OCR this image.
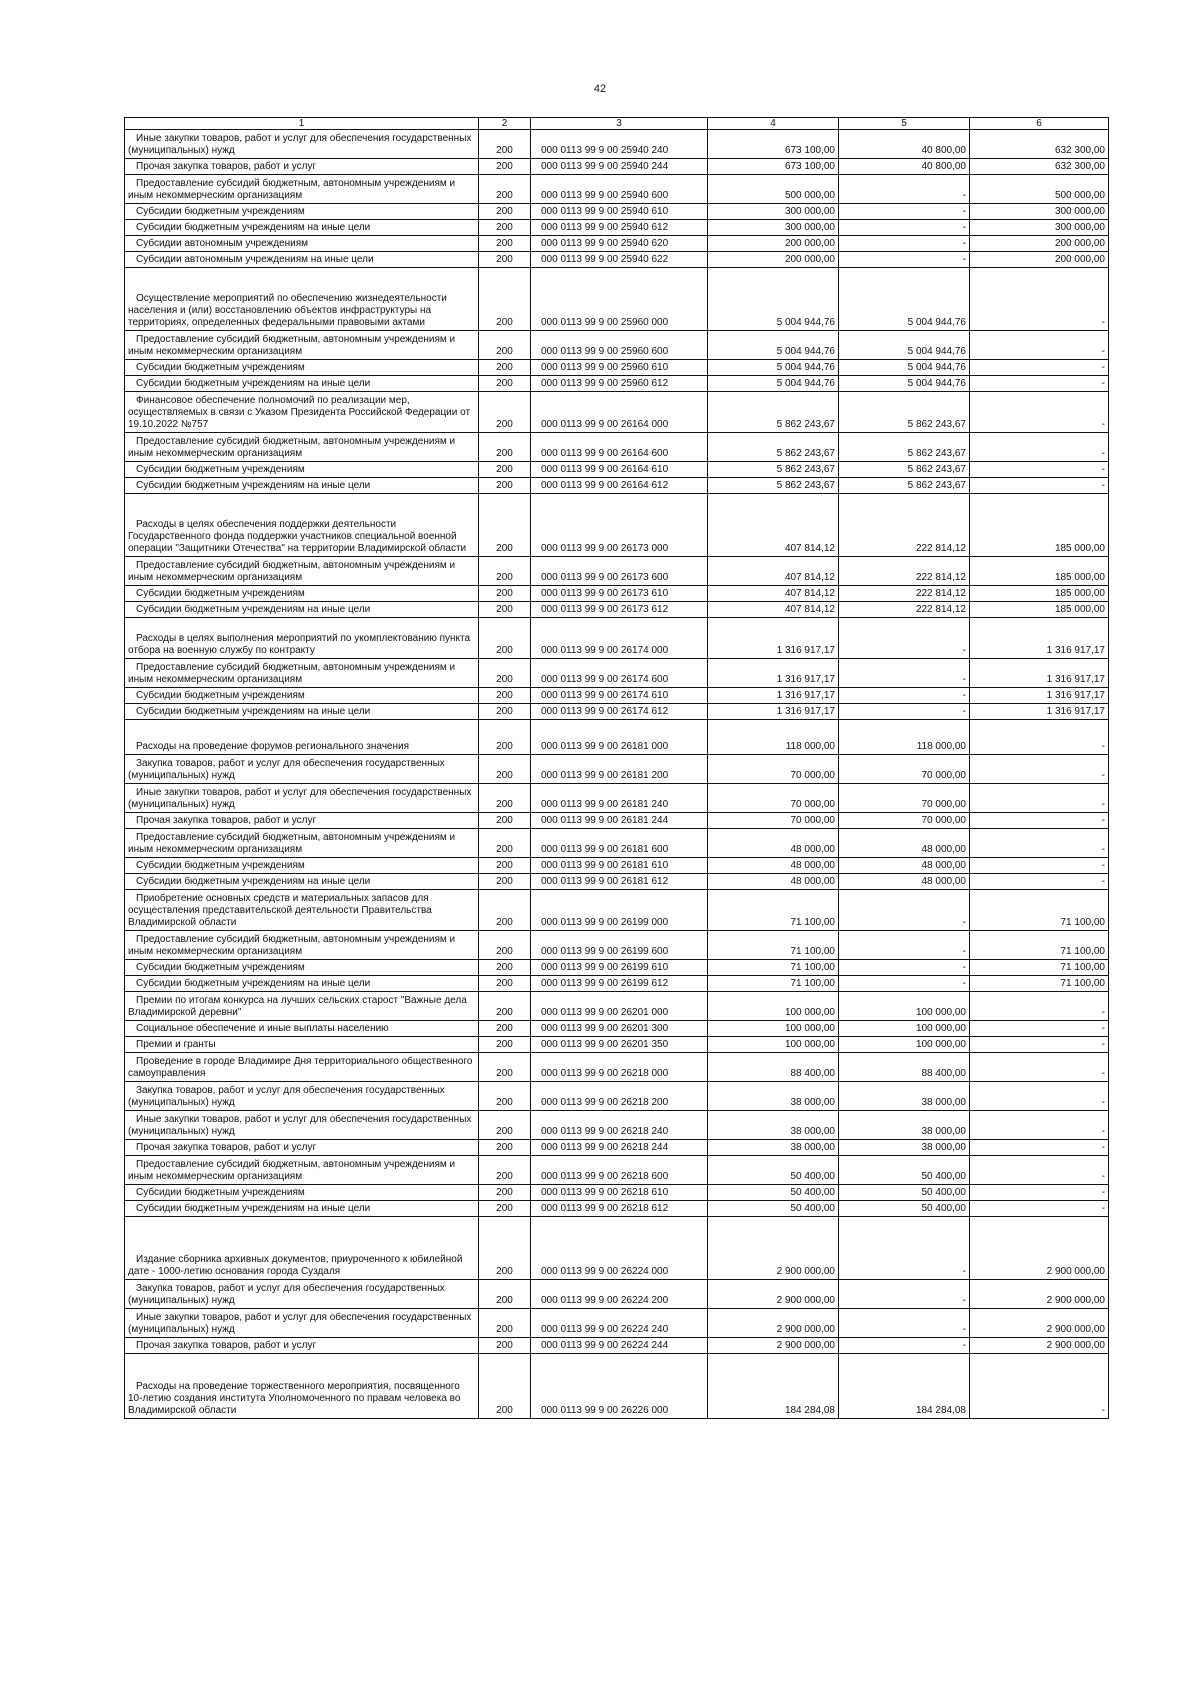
42
1	2	3	4	5	6
Иные закупки товаров, работ и услуг для обеспечения государственных (муниципальных) нужд	200	000 0113 99 9 00 25940 240	673 100,00	40 800,00	632 300,00
Прочая закупка товаров, работ и услуг	200	000 0113 99 9 00 25940 244	673 100,00	40 800,00	632 300,00
Предоставление субсидий бюджетным, автономным учреждениям и иным некоммерческим организациям	200	000 0113 99 9 00 25940 600	500 000,00	-	500 000,00
Субсидии бюджетным учреждениям	200	000 0113 99 9 00 25940 610	300 000,00	-	300 000,00
Субсидии бюджетным учреждениям на иные цели	200	000 0113 99 9 00 25940 612	300 000,00	-	300 000,00
Субсидии автономным учреждениям	200	000 0113 99 9 00 25940 620	200 000,00	-	200 000,00
Субсидии автономным учреждениям на иные цели	200	000 0113 99 9 00 25940 622	200 000,00	-	200 000,00
Осуществление мероприятий по обеспечению жизнедеятельности населения и (или) восстановлению объектов инфраструктуры на территориях, определенных федеральными правовыми актами	200	000 0113 99 9 00 25960 000	5 004 944,76	5 004 944,76	-
Предоставление субсидий бюджетным, автономным учреждениям и иным некоммерческим организациям	200	000 0113 99 9 00 25960 600	5 004 944,76	5 004 944,76	-
Субсидии бюджетным учреждениям	200	000 0113 99 9 00 25960 610	5 004 944,76	5 004 944,76	-
Субсидии бюджетным учреждениям на иные цели	200	000 0113 99 9 00 25960 612	5 004 944,76	5 004 944,76	-
Финансовое обеспечение полномочий по реализации мер, осуществляемых в связи с Указом Президента Российской Федерации от 19.10.2022 №757	200	000 0113 99 9 00 26164 000	5 862 243,67	5 862 243,67	-
Предоставление субсидий бюджетным, автономным учреждениям и иным некоммерческим организациям	200	000 0113 99 9 00 26164 600	5 862 243,67	5 862 243,67	-
Субсидии бюджетным учреждениям	200	000 0113 99 9 00 26164 610	5 862 243,67	5 862 243,67	-
Субсидии бюджетным учреждениям на иные цели	200	000 0113 99 9 00 26164 612	5 862 243,67	5 862 243,67	-
Расходы в целях обеспечения поддержки деятельности Государственного фонда поддержки участников специальной военной операции "Защитники Отечества" на территории Владимирской области	200	000 0113 99 9 00 26173 000	407 814,12	222 814,12	185 000,00
Предоставление субсидий бюджетным, автономным учреждениям и иным некоммерческим организациям	200	000 0113 99 9 00 26173 600	407 814,12	222 814,12	185 000,00
Субсидии бюджетным учреждениям	200	000 0113 99 9 00 26173 610	407 814,12	222 814,12	185 000,00
Субсидии бюджетным учреждениям на иные цели	200	000 0113 99 9 00 26173 612	407 814,12	222 814,12	185 000,00
Расходы в целях выполнения мероприятий по укомплектованию пункта отбора на военную службу по контракту	200	000 0113 99 9 00 26174 000	1 316 917,17	-	1 316 917,17
Предоставление субсидий бюджетным, автономным учреждениям и иным некоммерческим организациям	200	000 0113 99 9 00 26174 600	1 316 917,17	-	1 316 917,17
Субсидии бюджетным учреждениям	200	000 0113 99 9 00 26174 610	1 316 917,17	-	1 316 917,17
Субсидии бюджетным учреждениям на иные цели	200	000 0113 99 9 00 26174 612	1 316 917,17	-	1 316 917,17
Расходы на проведение форумов регионального значения	200	000 0113 99 9 00 26181 000	118 000,00	118 000,00	-
Закупка товаров, работ и услуг для обеспечения государственных (муниципальных) нужд	200	000 0113 99 9 00 26181 200	70 000,00	70 000,00	-
Иные закупки товаров, работ и услуг для обеспечения государственных (муниципальных) нужд	200	000 0113 99 9 00 26181 240	70 000,00	70 000,00	-
Прочая закупка товаров, работ и услуг	200	000 0113 99 9 00 26181 244	70 000,00	70 000,00	-
Предоставление субсидий бюджетным, автономным учреждениям и иным некоммерческим организациям	200	000 0113 99 9 00 26181 600	48 000,00	48 000,00	-
Субсидии бюджетным учреждениям	200	000 0113 99 9 00 26181 610	48 000,00	48 000,00	-
Субсидии бюджетным учреждениям на иные цели	200	000 0113 99 9 00 26181 612	48 000,00	48 000,00	-
Приобретение основных средств и материальных запасов для осуществления представительской деятельности Правительства Владимирской области	200	000 0113 99 9 00 26199 000	71 100,00	-	71 100,00
Предоставление субсидий бюджетным, автономным учреждениям и иным некоммерческим организациям	200	000 0113 99 9 00 26199 600	71 100,00	-	71 100,00
Субсидии бюджетным учреждениям	200	000 0113 99 9 00 26199 610	71 100,00	-	71 100,00
Субсидии бюджетным учреждениям на иные цели	200	000 0113 99 9 00 26199 612	71 100,00	-	71 100,00
Премии по итогам конкурса на лучших сельских старост "Важные дела Владимирской деревни"	200	000 0113 99 9 00 26201 000	100 000,00	100 000,00	-
Социальное обеспечение и иные выплаты населению	200	000 0113 99 9 00 26201 300	100 000,00	100 000,00	-
Премии и гранты	200	000 0113 99 9 00 26201 350	100 000,00	100 000,00	-
Проведение в городе Владимире Дня территориального общественного самоуправления	200	000 0113 99 9 00 26218 000	88 400,00	88 400,00	-
Закупка товаров, работ и услуг для обеспечения государственных (муниципальных) нужд	200	000 0113 99 9 00 26218 200	38 000,00	38 000,00	-
Иные закупки товаров, работ и услуг для обеспечения государственных (муниципальных) нужд	200	000 0113 99 9 00 26218 240	38 000,00	38 000,00	-
Прочая закупка товаров, работ и услуг	200	000 0113 99 9 00 26218 244	38 000,00	38 000,00	-
Предоставление субсидий бюджетным, автономным учреждениям и иным некоммерческим организациям	200	000 0113 99 9 00 26218 600	50 400,00	50 400,00	-
Субсидии бюджетным учреждениям	200	000 0113 99 9 00 26218 610	50 400,00	50 400,00	-
Субсидии бюджетным учреждениям на иные цели	200	000 0113 99 9 00 26218 612	50 400,00	50 400,00	-
Издание сборника архивных документов, приуроченного к юбилейной дате - 1000-летию основания города Суздаля	200	000 0113 99 9 00 26224 000	2 900 000,00	-	2 900 000,00
Закупка товаров, работ и услуг для обеспечения государственных (муниципальных) нужд	200	000 0113 99 9 00 26224 200	2 900 000,00	-	2 900 000,00
Иные закупки товаров, работ и услуг для обеспечения государственных (муниципальных) нужд	200	000 0113 99 9 00 26224 240	2 900 000,00	-	2 900 000,00
Прочая закупка товаров, работ и услуг	200	000 0113 99 9 00 26224 244	2 900 000,00	-	2 900 000,00
Расходы на проведение торжественного мероприятия, посвященного 10-летию создания института Уполномоченного по правам человека во Владимирской области	200	000 0113 99 9 00 26226 000	184 284,08	184 284,08	-
